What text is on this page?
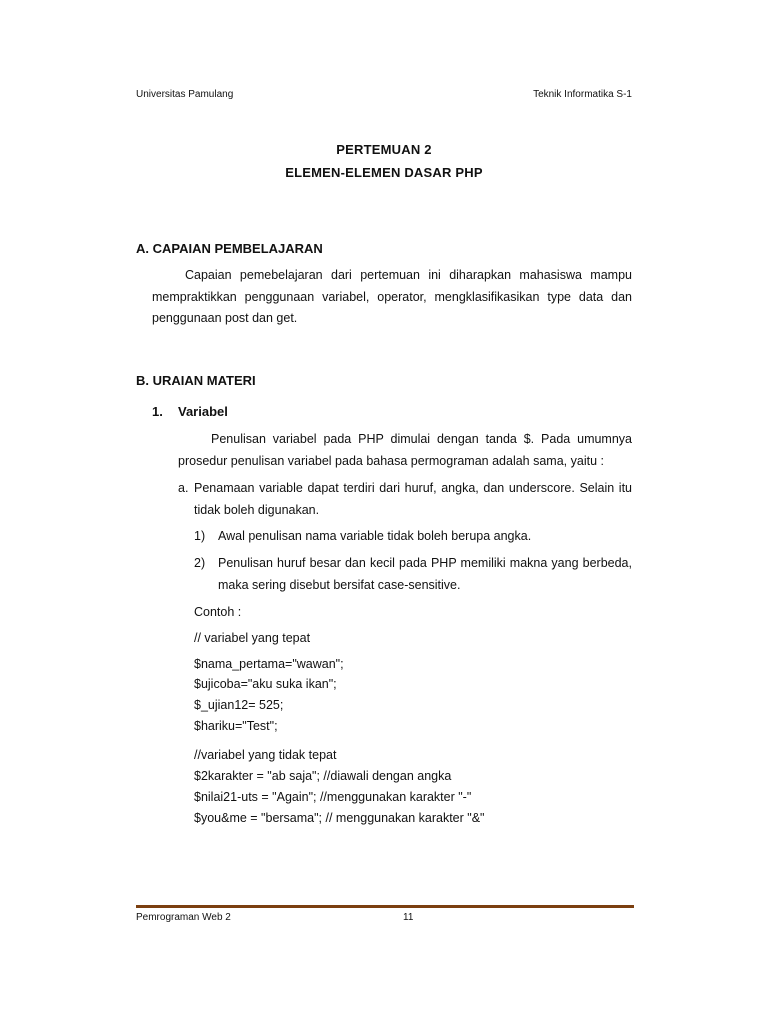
Universitas Pamulang	Teknik Informatika S-1
PERTEMUAN 2
ELEMEN-ELEMEN DASAR PHP
A. CAPAIAN PEMBELAJARAN
Capaian pemebelajaran dari pertemuan ini diharapkan mahasiswa mampu mempraktikkan penggunaan variabel, operator, mengklasifikasikan type data dan penggunaan post dan get.
B. URAIAN MATERI
1. Variabel
Penulisan variabel pada PHP dimulai dengan tanda $. Pada umumnya prosedur penulisan variabel pada bahasa permograman adalah sama, yaitu :
a. Penamaan variable dapat terdiri dari huruf, angka, dan underscore. Selain itu tidak boleh digunakan.
1) Awal penulisan nama variable tidak boleh berupa angka.
2) Penulisan huruf besar dan kecil pada PHP memiliki makna yang berbeda, maka sering disebut bersifat case-sensitive.
Contoh :
// variabel yang tepat
$nama_pertama="wawan";
$ujicoba="aku suka ikan";
$_ujian12= 525;
$hariku="Test";
//variabel yang tidak tepat
$2karakter = "ab saja"; //diawali dengan angka
$nilai21-uts = "Again"; //menggunakan karakter "-"
$you&me = "bersama"; // menggunakan karakter "&"
Pemrograman Web 2	11
